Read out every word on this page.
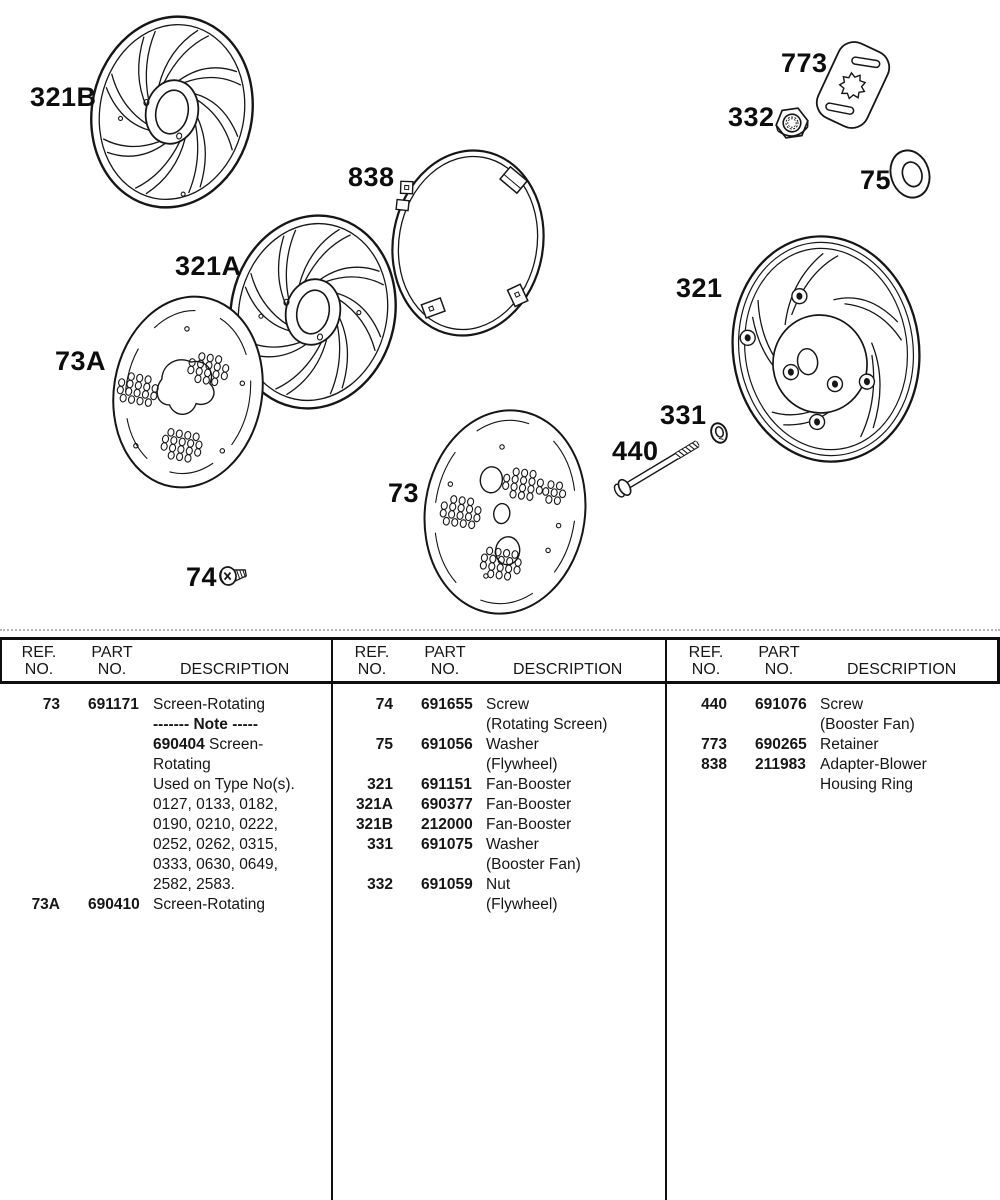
321B
321A
838
773
332
75
321
73A
331
440
73
74
REF.
NO.
PART
NO.	DESCRIPTION
73 691171 Screen-Rotating
------- Note -----
690404 Screen-
Rotating
Used on Type No(s).
0127, 0133, 0182,
0190, 0210, 0222,
0252, 0262, 0315,
0333, 0630, 0649,
2582, 2583.
73A 690410 Screen-Rotating
REF.
NO.
PART
NO.	DESCRIPTION
74 691655 Screw
(Rotating Screen)
75 691056 Washer
(Flywheel)
321 691151 Fan-Booster
321A 690377 Fan-Booster
321B 212000 Fan-Booster
331 691075 Washer
(Booster Fan)
332 691059 Nut
(Flywheel)
REF.
NO.
PART
NO.	DESCRIPTION
440 691076 Screw
(Booster Fan)
773 690265 Retainer
838 211983 Adapter-Blower
Housing Ring
